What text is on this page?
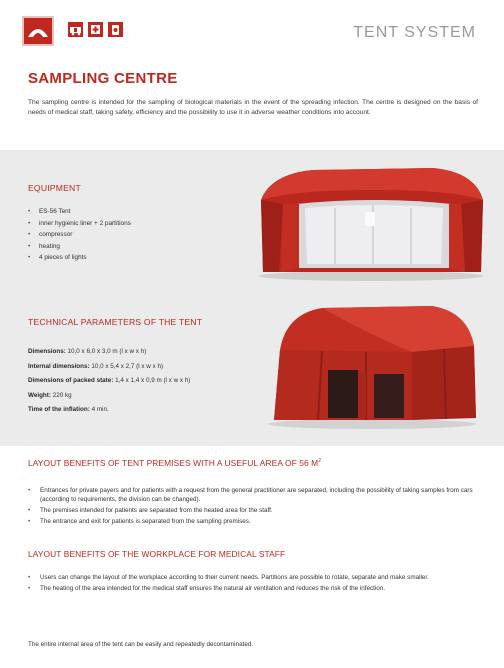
TENT SYSTEM
SAMPLING CENTRE

The sampling centre is intended for the sampling of biological materials in the event of the spreading infection. The centre is designed on the basis of needs of medical staff, taking safety, efficiency and the possibility to use it in adverse weather conditions into account.

EQUIPMENT
• ES-56 Tent
• inner hygienic liner + 2 partitions
• compressor
• heating
• 4 pieces of lights
TECHNICAL PARAMETERS OF THE TENT
Dimensions: 10,0 x 6,0 x 3,0 m (l x w x h)
Internal dimensions: 10,0 x 5,4 x 2,7 (l x w x h)
Dimensions of packed state: 1,4 x 1,4 x 0,9 m (l x w x h)
Weight: 220 kg
Time of the inflation: 4 min.
LAYOUT BENEFITS OF TENT PREMISES WITH A USEFUL AREA OF 56 $M^2$
• Entrances for private payers and for patients with a request from the general practitioner are separated, including the possibility of taking samples from cars (according to requirements, the division can be changed).
• The premises intended for patients are separated from the heated area for the staff.
• The entrance and exit for patients is separated from the sampling premises.
LAYOUT BENEFITS OF THE WORKPLACE FOR MEDICAL STAFF
• Users can change the layout of the workplace according to their current needs. Partitions are possible to rotate, separate and make smaller.
• The heating of the area intended for the medical staff ensures the natural air ventilation and reduces the risk of the infection.
The entire internal area of the tent can be easily and repeatedly decontaminated.
